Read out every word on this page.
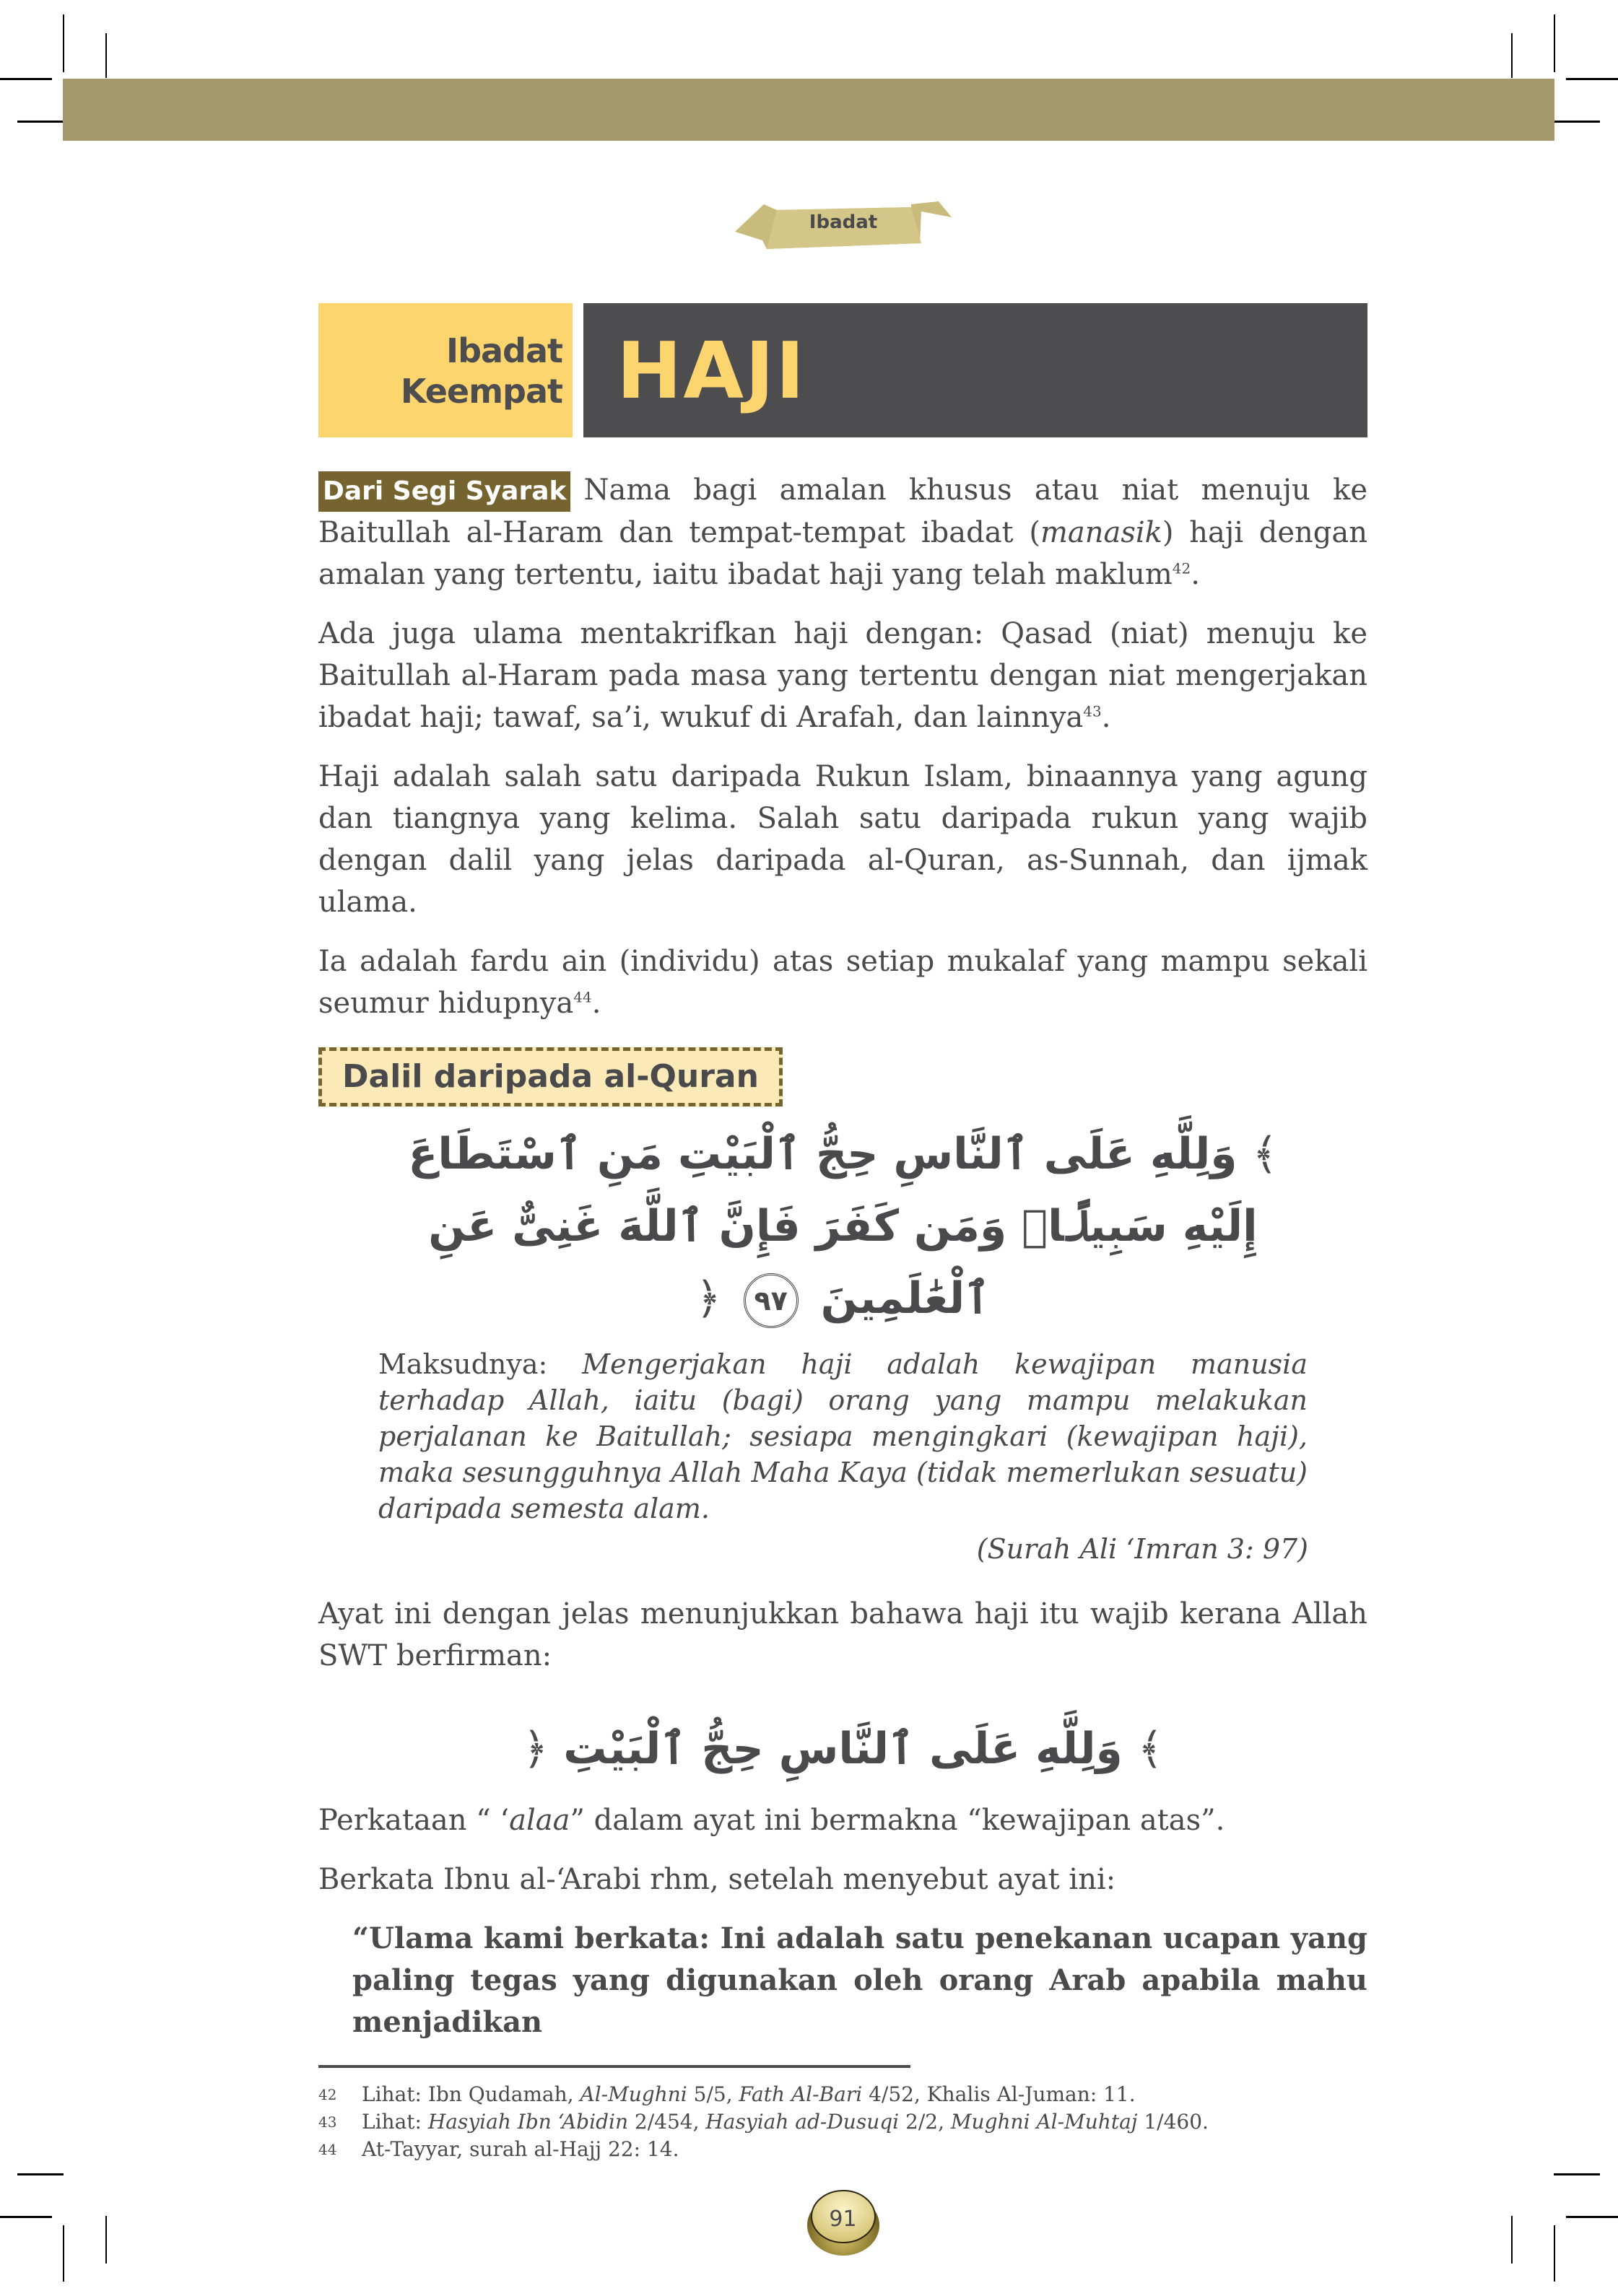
Ibadat
Ibadat
Keempat HAJI

Dari Segi Syarak Nama bagi amalan khusus atau niat menuju ke Baitullah al-Haram dan tempat-tempat ibadat (manasik) haji dengan amalan yang tertentu, iaitu ibadat haji yang telah maklum$^{42}$.

Ada juga ulama mentakrifkan haji dengan: Qasad (niat) menuju ke Baitullah al-Haram pada masa yang tertentu dengan niat mengerjakan ibadat haji; tawaf, sa’i, wukuf di Arafah, dan lainnya$^{43}$.

Haji adalah salah satu daripada Rukun Islam, binaannya yang agung dan tiangnya yang kelima. Salah satu daripada rukun yang wajib dengan dalil yang jelas daripada al-Quran, as-Sunnah, dan ijmak ulama.

Ia adalah fardu ain (individu) atas setiap mukalaf yang mampu sekali seumur hidupnya$^{44}$.

Dalil daripada al-Quran
﴾ وَلِلَّهِ عَلَى ٱلنَّاسِ حِجُّ ٱلْبَيْتِ مَنِ ٱسْتَطَاعَ إِلَيْهِ سَبِيلًاۚ وَمَن كَفَرَ فَإِنَّ ٱللَّهَ غَنِىٌّ عَنِ ٱلْعَٰلَمِينَ ٩٧ ﴿
Maksudnya: Mengerjakan haji adalah kewajipan manusia terhadap Allah, iaitu (bagi) orang yang mampu melakukan perjalanan ke Baitullah; sesiapa mengingkari (kewajipan haji), maka sesungguhnya Allah Maha Kaya (tidak memerlukan sesuatu) daripada semesta alam.
(Surah Ali ‘Imran 3: 97)

Ayat ini dengan jelas menunjukkan bahawa haji itu wajib kerana Allah SWT berfirman:

﴾ وَلِلَّهِ عَلَى ٱلنَّاسِ حِجُّ ٱلْبَيْتِ ﴿

Perkataan “ ‘alaa” dalam ayat ini bermakna “kewajipan atas”.

Berkata Ibnu al-‘Arabi rhm, setelah menyebut ayat ini:

“Ulama kami berkata: Ini adalah satu penekanan ucapan yang paling tegas yang digunakan oleh orang Arab apabila mahu menjadikan

42 Lihat: Ibn Qudamah, Al-Mughni 5/5, Fath Al-Bari 4/52, Khalis Al-Juman: 11.

43 Lihat: Hasyiah Ibn ‘Abidin 2/454, Hasyiah ad-Dusuqi 2/2, Mughni Al-Muhtaj 1/460.

44 At-Tayyar, surah al-Hajj 22: 14.

91
